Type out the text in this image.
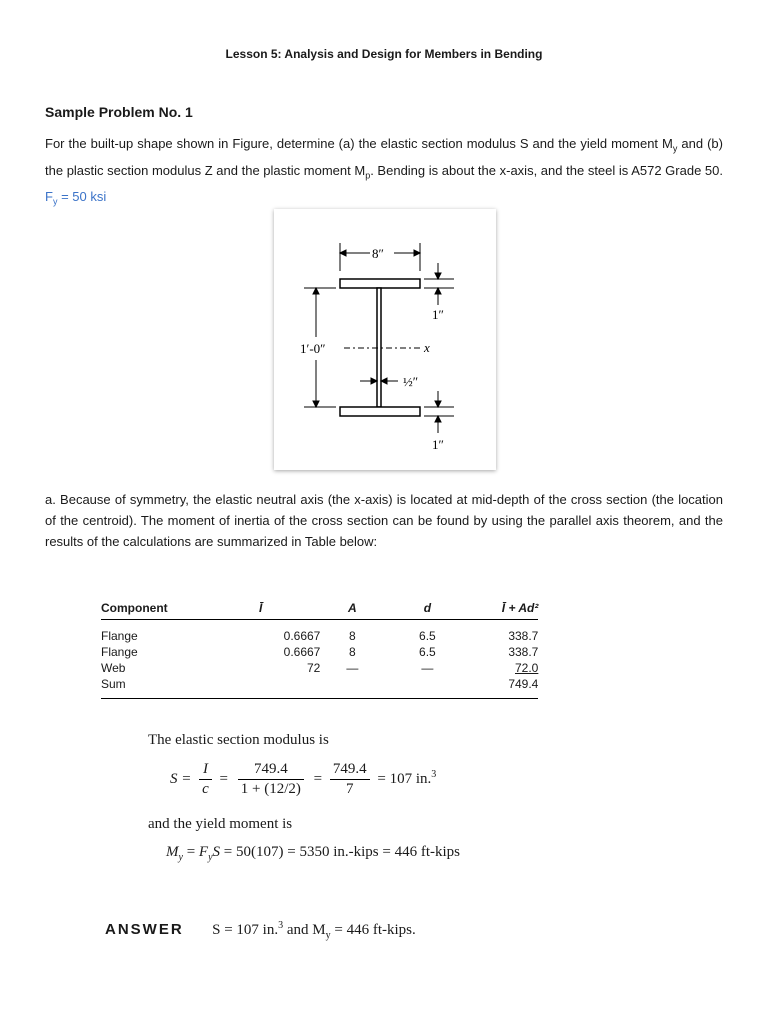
Lesson 5: Analysis and Design for Members in Bending
Sample Problem No. 1
For the built-up shape shown in Figure, determine (a) the elastic section modulus S and the yield moment $M_y$ and (b) the plastic section modulus Z and the plastic moment $M_p$. Bending is about the x-axis, and the steel is A572 Grade 50. $F_y = 50$ ksi
8″
1′-0″	x
½″
1″
1″
a. Because of symmetry, the elastic neutral axis (the x-axis) is located at mid-depth of the cross section (the location of the centroid). The moment of inertia of the cross section can be found by using the parallel axis theorem, and the results of the calculations are summarized in Table below:
Component	Ī	A	d	Ī + Ad²

Flange	0.6667	8	6.5	338.7
Flange	0.6667	8	6.5	338.7
Web	72	—	—	72.0
Sum				749.4
The elastic section modulus is
$S = \frac{I}{c} = \frac{749.4}{1 + (12/2)} = \frac{749.4}{7} = 107$ in.$^3$
and the yield moment is
$M_y = F_yS = 50(107) = 5350$ in.-kips = 446 ft-kips
ANSWER S = 107 in.$^3$ and $M_y = 446$ ft-kips.
